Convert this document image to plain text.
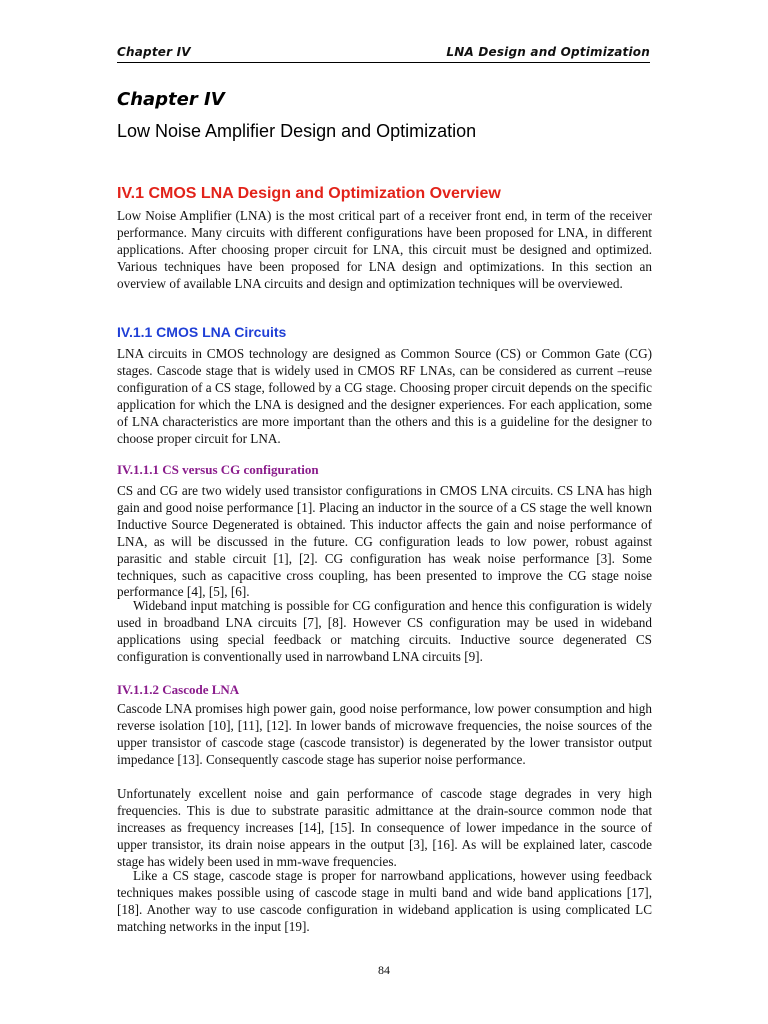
Chapter IV	LNA Design and Optimization
Chapter IV
Low Noise Amplifier Design and Optimization
IV.1 CMOS LNA Design and Optimization Overview

Low Noise Amplifier (LNA) is the most critical part of a receiver front end, in term of the receiver performance. Many circuits with different configurations have been proposed for LNA, in different applications. After choosing proper circuit for LNA, this circuit must be designed and optimized. Various techniques have been proposed for LNA design and optimizations. In this section an overview of available LNA circuits and design and optimization techniques will be overviewed.

IV.1.1 CMOS LNA Circuits

LNA circuits in CMOS technology are designed as Common Source (CS) or Common Gate (CG) stages. Cascode stage that is widely used in CMOS RF LNAs, can be considered as current –reuse configuration of a CS stage, followed by a CG stage. Choosing proper circuit depends on the specific application for which the LNA is designed and the designer experiences. For each application, some of LNA characteristics are more important than the others and this is a guideline for the designer to choose proper circuit for LNA.

IV.1.1.1 CS versus CG configuration

CS and CG are two widely used transistor configurations in CMOS LNA circuits. CS LNA has high gain and good noise performance [1]. Placing an inductor in the source of a CS stage the well known Inductive Source Degenerated is obtained. This inductor affects the gain and noise performance of LNA, as will be discussed in the future. CG configuration leads to low power, robust against parasitic and stable circuit [1], [2]. CG configuration has weak noise performance [3]. Some techniques, such as capacitive cross coupling, has been presented to improve the CG stage noise performance [4], [5], [6].

Wideband input matching is possible for CG configuration and hence this configuration is widely used in broadband LNA circuits [7], [8]. However CS configuration may be used in wideband applications using special feedback or matching circuits. Inductive source degenerated CS configuration is conventionally used in narrowband LNA circuits [9].

IV.1.1.2 Cascode LNA

Cascode LNA promises high power gain, good noise performance, low power consumption and high reverse isolation [10], [11], [12]. In lower bands of microwave frequencies, the noise sources of the upper transistor of cascode stage (cascode transistor) is degenerated by the lower transistor output impedance [13]. Consequently cascode stage has superior noise performance.

Unfortunately excellent noise and gain performance of cascode stage degrades in very high frequencies. This is due to substrate parasitic admittance at the drain-source common node that increases as frequency increases [14], [15]. In consequence of lower impedance in the source of upper transistor, its drain noise appears in the output [3], [16]. As will be explained later, cascode stage has widely been used in mm-wave frequencies.

Like a CS stage, cascode stage is proper for narrowband applications, however using feedback techniques makes possible using of cascode stage in multi band and wide band applications [17], [18]. Another way to use cascode configuration in wideband application is using complicated LC matching networks in the input [19].

84
